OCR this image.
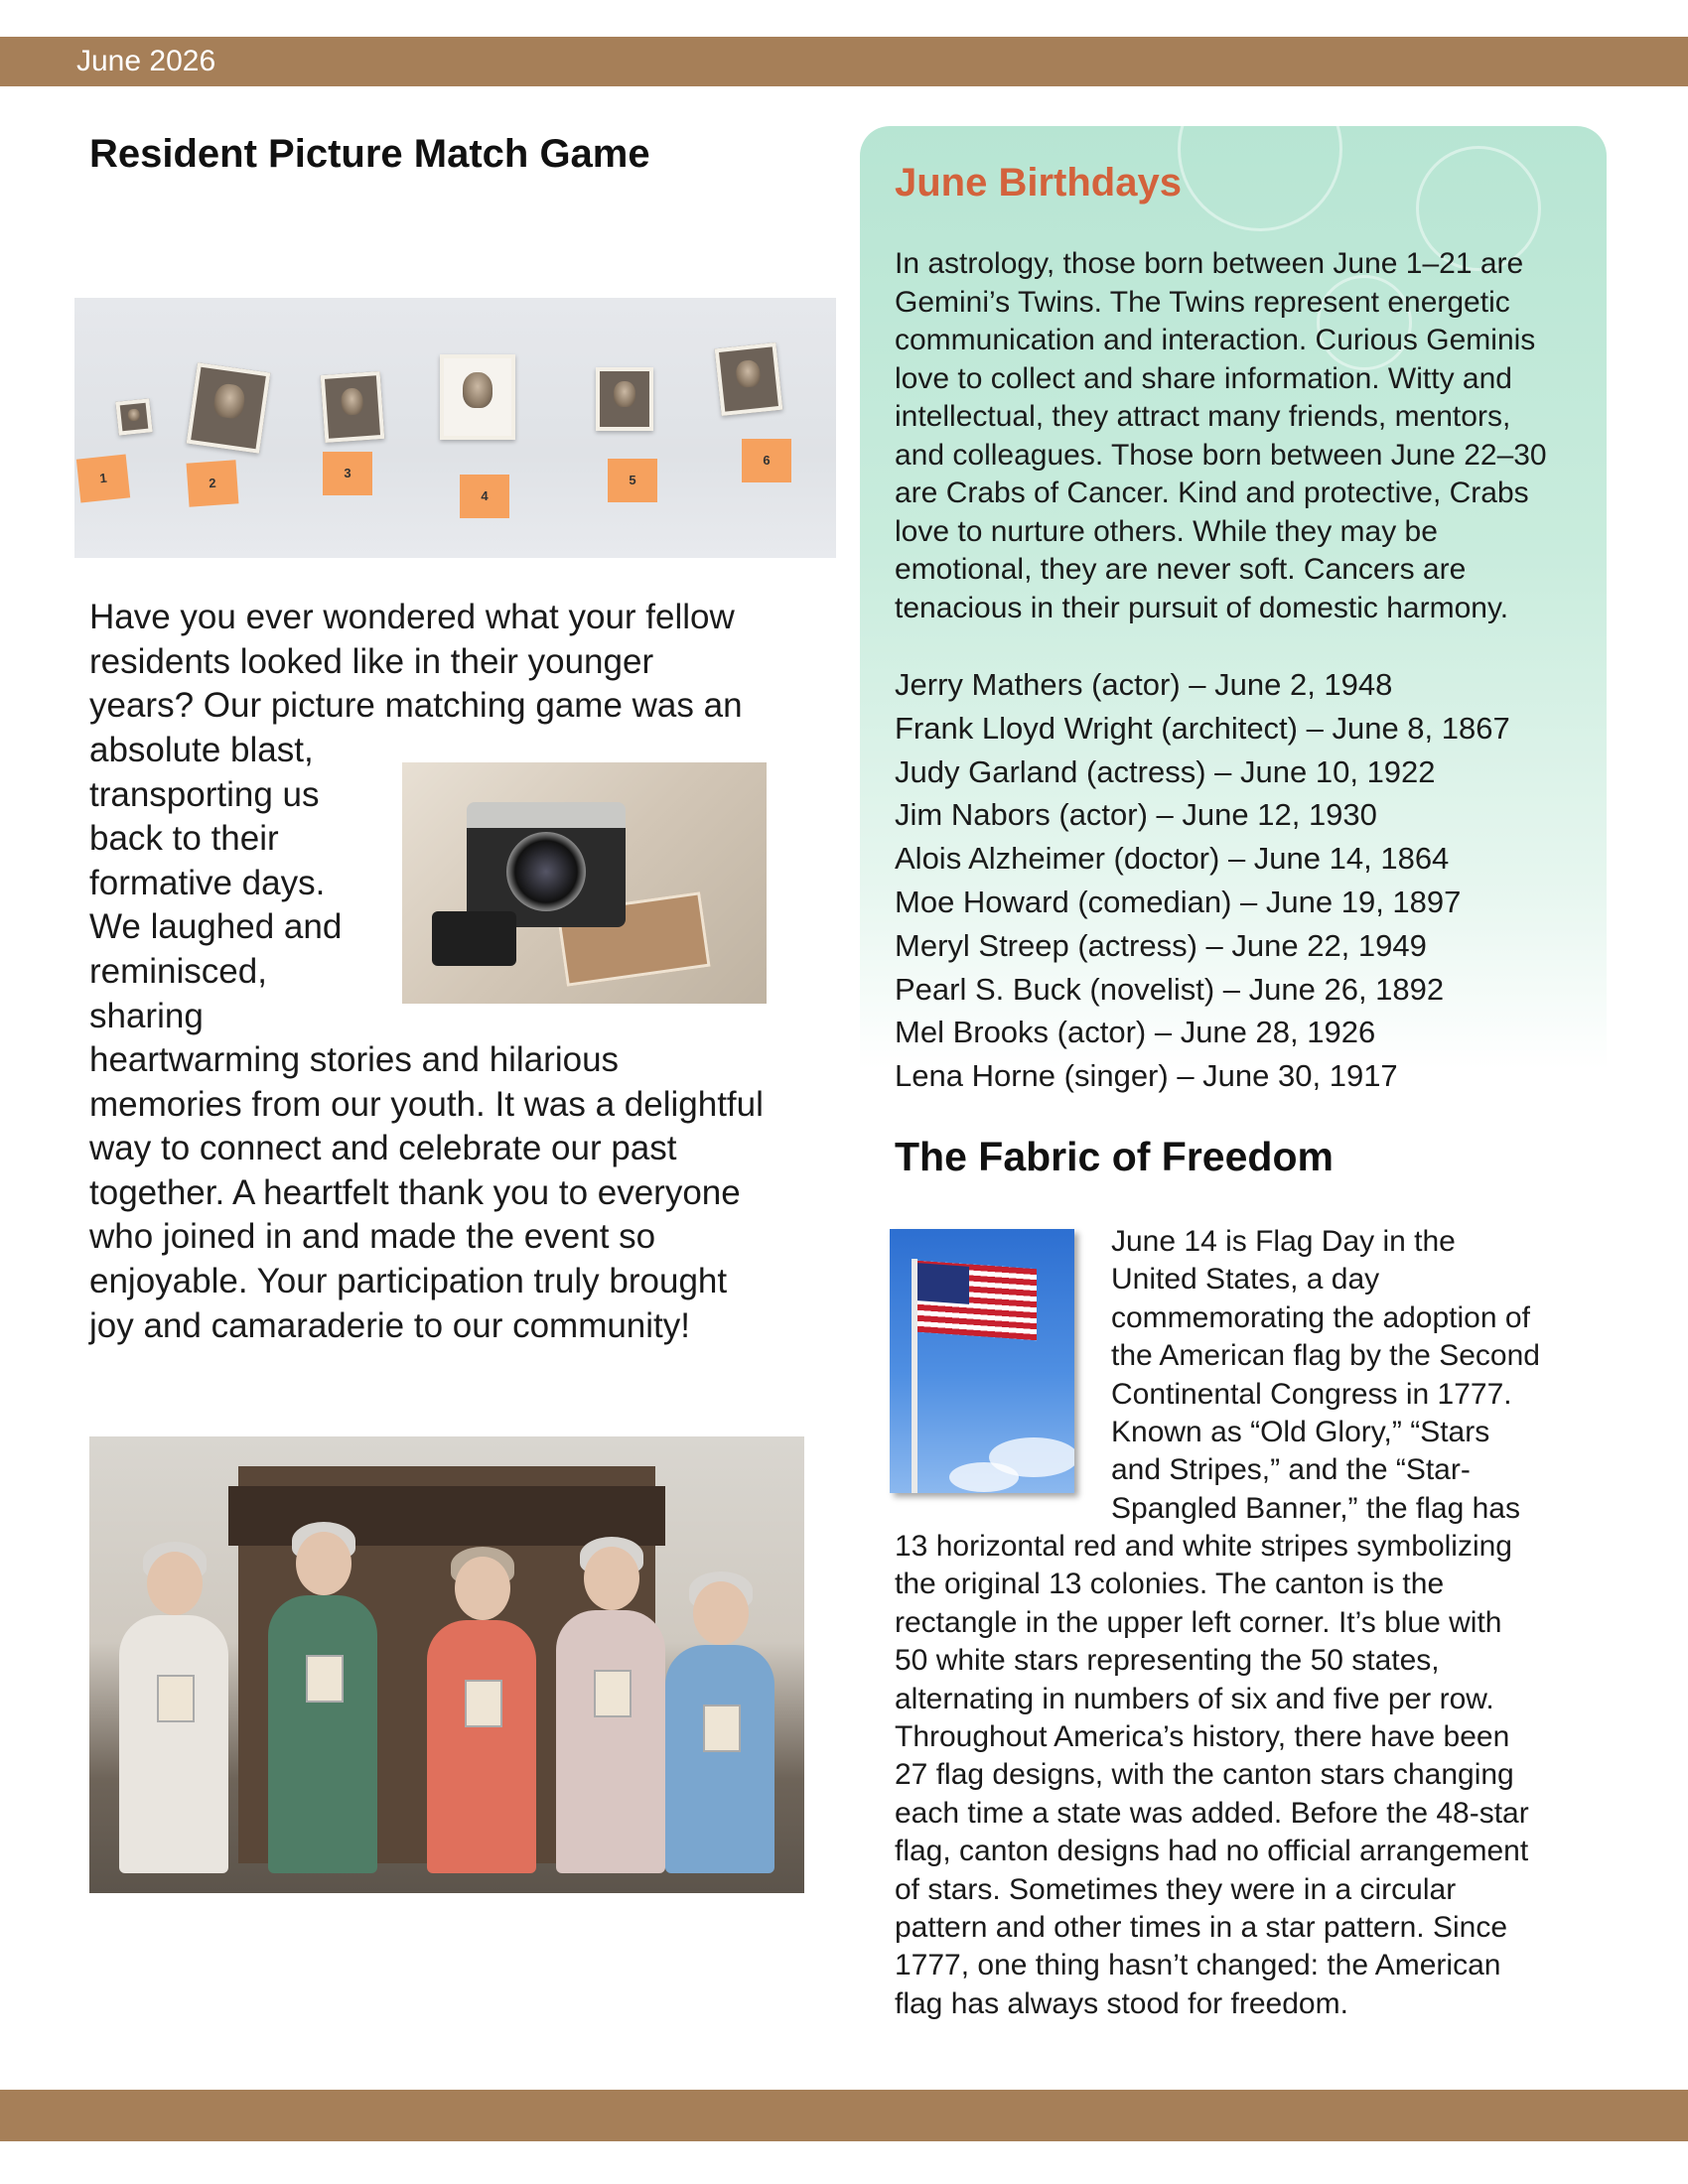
June 2026
Resident Picture Match Game
1	2
3
4
5
6
Have you ever wondered what your fellow
residents looked like in their younger
years? Our picture matching game was an
absolute blast,
transporting us
back to their
formative days.
We laughed and
reminisced,
sharing
heartwarming stories and hilarious
memories from our youth. It was a delightful
way to connect and celebrate our past
together. A heartfelt thank you to everyone
who joined in and made the event so
enjoyable. Your participation truly brought
joy and camaraderie to our community!
June Birthdays
In astrology, those born between June 1–21 are
Gemini’s Twins. The Twins represent energetic
communication and interaction. Curious Geminis
love to collect and share information. Witty and
intellectual, they attract many friends, mentors,
and colleagues. Those born between June 22–30
are Crabs of Cancer. Kind and protective, Crabs
love to nurture others. While they may be
emotional, they are never soft. Cancers are
tenacious in their pursuit of domestic harmony.
Jerry Mathers (actor) – June 2, 1948
Frank Lloyd Wright (architect) – June 8, 1867
Judy Garland (actress) – June 10, 1922
Jim Nabors (actor) – June 12, 1930
Alois Alzheimer (doctor) – June 14, 1864
Moe Howard (comedian) – June 19, 1897
Meryl Streep (actress) – June 22, 1949
Pearl S. Buck (novelist) – June 26, 1892
Mel Brooks (actor) – June 28, 1926
Lena Horne (singer) – June 30, 1917
The Fabric of Freedom
June 14 is Flag Day in the
United States, a day
commemorating the adoption of
the American flag by the Second
Continental Congress in 1777.
Known as “Old Glory,” “Stars
and Stripes,” and the “Star-
Spangled Banner,” the flag has
13 horizontal red and white stripes symbolizing
the original 13 colonies. The canton is the
rectangle in the upper left corner. It’s blue with
50 white stars representing the 50 states,
alternating in numbers of six and five per row.
Throughout America’s history, there have been
27 flag designs, with the canton stars changing
each time a state was added. Before the 48-star
flag, canton designs had no official arrangement
of stars. Sometimes they were in a circular
pattern and other times in a star pattern. Since
1777, one thing hasn’t changed: the American
flag has always stood for freedom.
